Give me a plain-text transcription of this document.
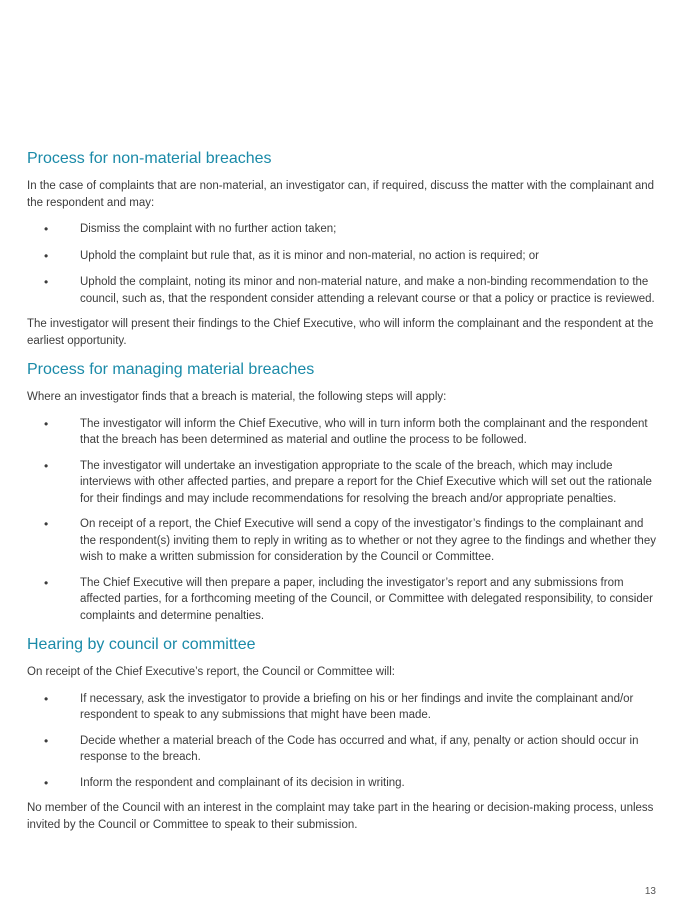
Process for non-material breaches

In the case of complaints that are non-material, an investigator can, if required, discuss the matter with the complainant and the respondent and may:

• Dismiss the complaint with no further action taken;
• Uphold the complaint but rule that, as it is minor and non-material, no action is required; or
• Uphold the complaint, noting its minor and non-material nature, and make a non-binding recommendation to the council, such as, that the respondent consider attending a relevant course or that a policy or practice is reviewed.

The investigator will present their findings to the Chief Executive, who will inform the complainant and the respondent at the earliest opportunity.

Process for managing material breaches

Where an investigator finds that a breach is material, the following steps will apply:

• The investigator will inform the Chief Executive, who will in turn inform both the complainant and the respondent that the breach has been determined as material and outline the process to be followed.
• The investigator will undertake an investigation appropriate to the scale of the breach, which may include interviews with other affected parties, and prepare a report for the Chief Executive which will set out the rationale for their findings and may include recommendations for resolving the breach and/or appropriate penalties.
• On receipt of a report, the Chief Executive will send a copy of the investigator’s findings to the complainant and the respondent(s) inviting them to reply in writing as to whether or not they agree to the findings and whether they wish to make a written submission for consideration by the Council or Committee.
• The Chief Executive will then prepare a paper, including the investigator’s report and any submissions from affected parties, for a forthcoming meeting of the Council, or Committee with delegated responsibility, to consider complaints and determine penalties.
Hearing by council or committee

On receipt of the Chief Executive’s report, the Council or Committee will:

• If necessary, ask the investigator to provide a briefing on his or her findings and invite the complainant and/or respondent to speak to any submissions that might have been made.
• Decide whether a material breach of the Code has occurred and what, if any, penalty or action should occur in response to the breach.
• Inform the respondent and complainant of its decision in writing.

No member of the Council with an interest in the complaint may take part in the hearing or decision-making process, unless invited by the Council or Committee to speak to their submission.

13
